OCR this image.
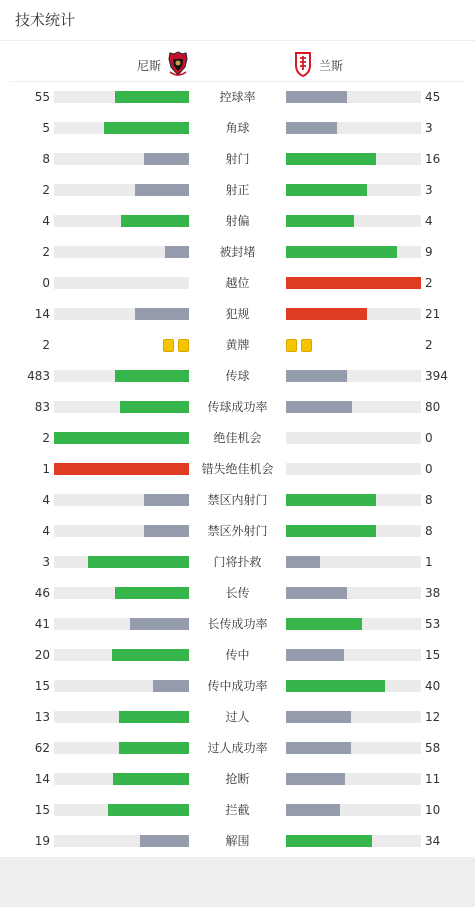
技术统计
尼斯	兰斯
55	控球率	45
5	角球	3
8	射门	16
2	射正	3
4	射偏	4
2	被封堵	9
0	越位	2
14	犯规	21
2	黄牌	2
483	传球	394
83	传球成功率	80
2	绝佳机会	0
1	错失绝佳机会	0
4	禁区内射门	8
4	禁区外射门	8
3	门将扑救	1
46	长传	38
41	长传成功率	53
20	传中	15
15	传中成功率	40
13	过人	12
62	过人成功率	58
14	抢断	11
15	拦截	10
19	解围	34
